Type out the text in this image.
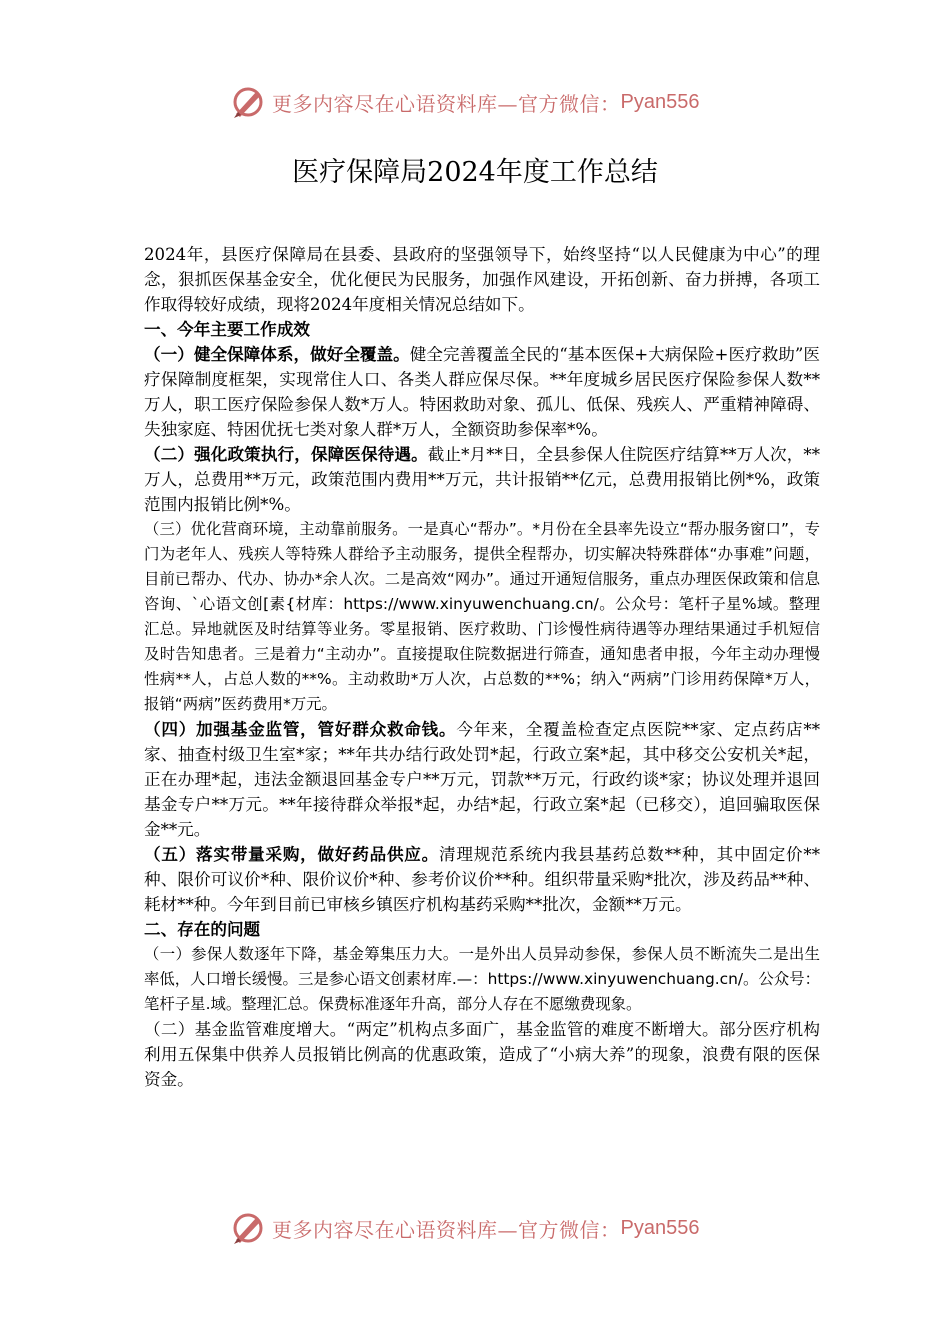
更多内容尽在心语资料库—官方微信： Pyan556
医疗保障局2024年度工作总结

2024年，县医疗保障局在县委、县政府的坚强领导下，始终坚持“以人民健康为中心”的理念，狠抓医保基金安全，优化便民为民服务，加强作风建设，开拓创新、奋力拼搏，各项工作取得较好成绩，现将2024年度相关情况总结如下。

一、今年主要工作成效

（一）健全保障体系，做好全覆盖。健全完善覆盖全民的“基本医保+大病保险+医疗救助”医疗保障制度框架，实现常住人口、各类人群应保尽保。**年度城乡居民医疗保险参保人数**万人，职工医疗保险参保人数*万人。特困救助对象、孤儿、低保、残疾人、严重精神障碍、失独家庭、特困优抚七类对象人群*万人，全额资助参保率*%。

（二）强化政策执行，保障医保待遇。截止*月**日，全县参保人住院医疗结算**万人次，**万人，总费用**万元，政策范围内费用**万元，共计报销**亿元，总费用报销比例*%，政策范围内报销比例*%。

（三）优化营商环境，主动靠前服务。一是真心“帮办”。*月份在全县率先设立“帮办服务窗口”，专门为老年人、残疾人等特殊人群给予主动服务，提供全程帮办，切实解决特殊群体“办事难”问题，目前已帮办、代办、协办*余人次。二是高效“网办”。通过开通短信服务，重点办理医保政策和信息咨询、`心语文创[素{材库：https://www.xinyuwenchuang.cn/。公众号：笔杆子星%域。整理汇总。异地就医及时结算等业务。零星报销、医疗救助、门诊慢性病待遇等办理结果通过手机短信及时告知患者。三是着力“主动办”。直接提取住院数据进行筛查，通知患者申报，今年主动办理慢性病**人，占总人数的**%。主动救助*万人次，占总数的**%；纳入“两病”门诊用药保障*万人，报销“两病”医药费用*万元。

（四）加强基金监管，管好群众救命钱。今年来，全覆盖检查定点医院**家、定点药店**家、抽查村级卫生室*家；**年共办结行政处罚*起，行政立案*起，其中移交公安机关*起，正在办理*起，违法金额退回基金专户**万元，罚款**万元，行政约谈*家；协议处理并退回基金专户**万元。**年接待群众举报*起，办结*起，行政立案*起（已移交），追回骗取医保金**元。

（五）落实带量采购，做好药品供应。清理规范系统内我县基药总数**种，其中固定价**种、限价可议价*种、限价议价*种、参考价议价**种。组织带量采购*批次，涉及药品**种、耗材**种。今年到目前已审核乡镇医疗机构基药采购**批次，金额**万元。

二、存在的问题

（一）参保人数逐年下降，基金筹集压力大。一是外出人员异动参保，参保人员不断流失二是出生率低，人口增长缓慢。三是参心语文创素材库.—：https://www.xinyuwenchuang.cn/。公众号：笔杆子星.域。整理汇总。保费标准逐年升高，部分人存在不愿缴费现象。

（二）基金监管难度增大。“两定”机构点多面广，基金监管的难度不断增大。部分医疗机构利用五保集中供养人员报销比例高的优惠政策，造成了“小病大养”的现象，浪费有限的医保资金。

更多内容尽在心语资料库—官方微信： Pyan556
